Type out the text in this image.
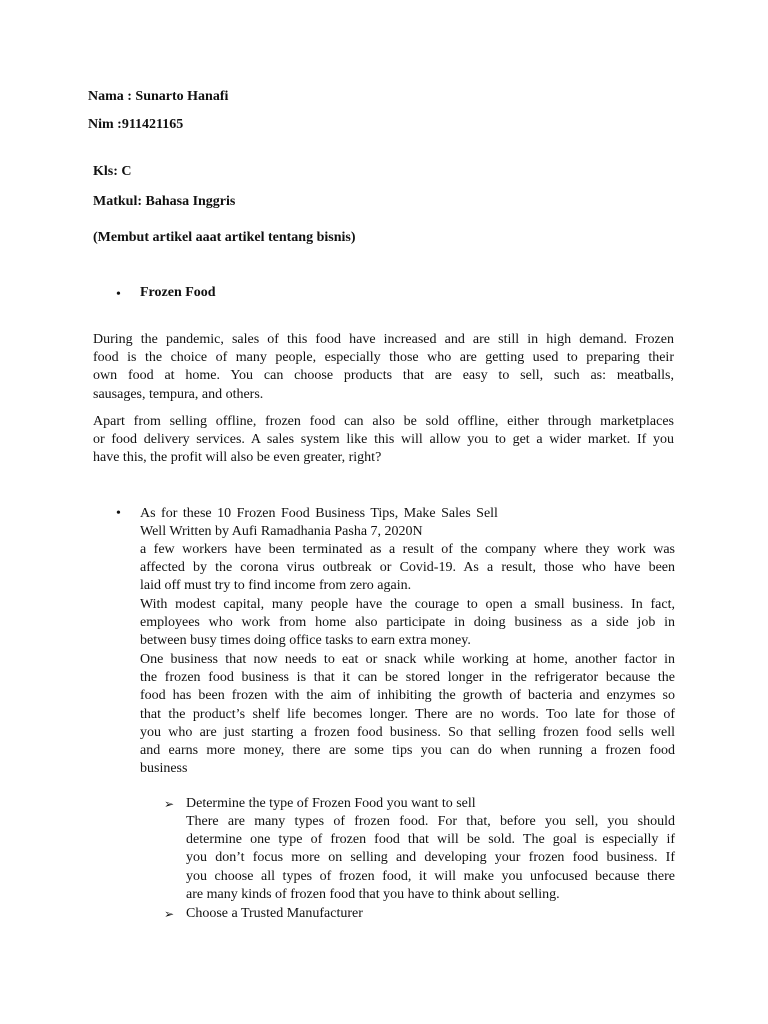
Nama : Sunarto Hanafi

Nim :911421165

Kls: C

Matkul: Bahasa Inggris

(Membut artikel aaat artikel tentang bisnis)

• Frozen Food

During the pandemic, sales of this food have increased and are still in high demand. Frozen
food is the choice of many people, especially those who are getting used to preparing their
own food at home. You can choose products that are easy to sell, such as: meatballs,
sausages, tempura, and others.
Apart from selling offline, frozen food can also be sold offline, either through marketplaces
or food delivery services. A sales system like this will allow you to get a wider market. If you
have this, the profit will also be even greater, right?
• As for these 10 Frozen Food Business Tips, Make Sales Sell
Well Written by Aufi Ramadhania Pasha 7, 2020N
a few workers have been terminated as a result of the company where they work was
affected by the corona virus outbreak or Covid-19. As a result, those who have been
laid off must try to find income from zero again.
With modest capital, many people have the courage to open a small business. In fact,
employees who work from home also participate in doing business as a side job in
between busy times doing office tasks to earn extra money.
One business that now needs to eat or snack while working at home, another factor in
the frozen food business is that it can be stored longer in the refrigerator because the
food has been frozen with the aim of inhibiting the growth of bacteria and enzymes so
that the product’s shelf life becomes longer. There are no words. Too late for those of
you who are just starting a frozen food business. So that selling frozen food sells well
and earns more money, there are some tips you can do when running a frozen food
business
➢ Determine the type of Frozen Food you want to sell
There are many types of frozen food. For that, before you sell, you should
determine one type of frozen food that will be sold. The goal is especially if
you don’t focus more on selling and developing your frozen food business. If
you choose all types of frozen food, it will make you unfocused because there
are many kinds of frozen food that you have to think about selling.
➢ Choose a Trusted Manufacturer
